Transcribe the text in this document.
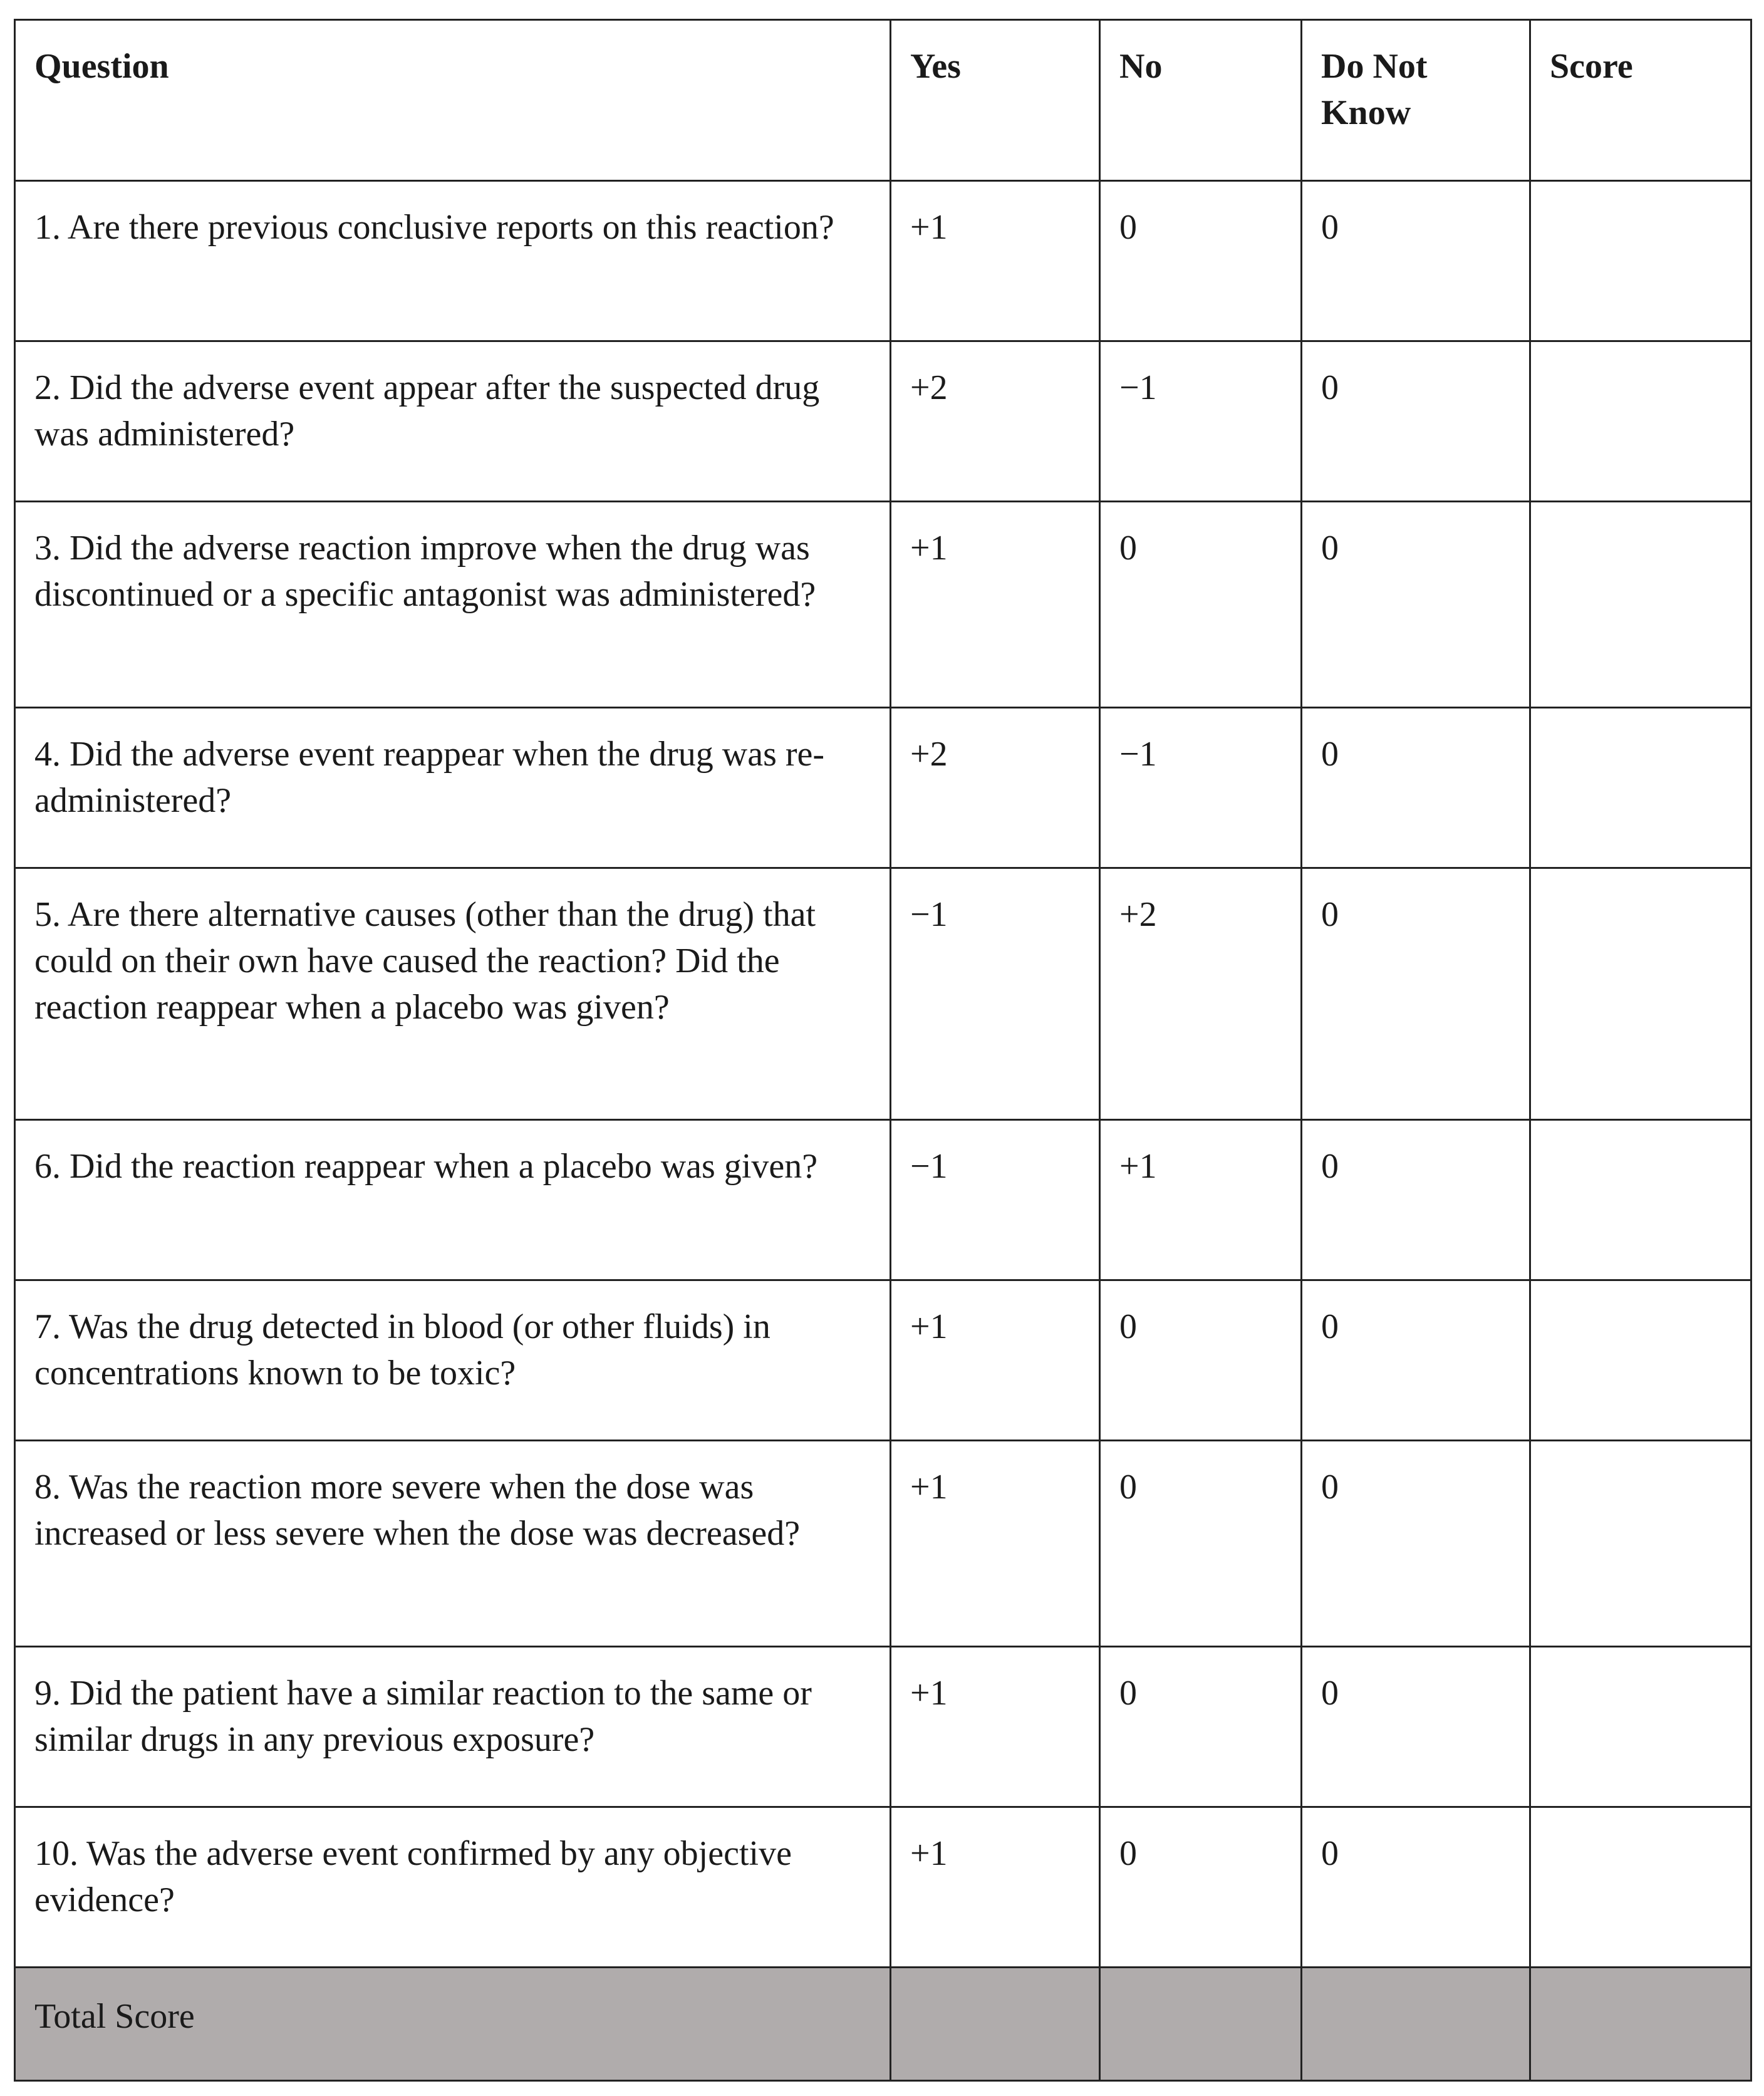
Question	Yes	No	Do Not Know	Score
1. Are there previous conclusive reports on this reaction?	+1	0	0	
2. Did the adverse event appear after the suspected drug was administered?	+2	−1	0	
3. Did the adverse reaction improve when the drug was discontinued or a specific antagonist was administered?	+1	0	0	
4. Did the adverse event reappear when the drug was re-administered?	+2	−1	0	
5. Are there alternative causes (other than the drug) that could on their own have caused the reaction? Did the reaction reappear when a placebo was given?	−1	+2	0	
6. Did the reaction reappear when a placebo was given?	−1	+1	0	
7. Was the drug detected in blood (or other fluids) in concentrations known to be toxic?	+1	0	0	
8. Was the reaction more severe when the dose was increased or less severe when the dose was decreased?	+1	0	0	
9. Did the patient have a similar reaction to the same or similar drugs in any previous exposure?	+1	0	0	
10. Was the adverse event confirmed by any objective evidence?	+1	0	0	
Total Score				
